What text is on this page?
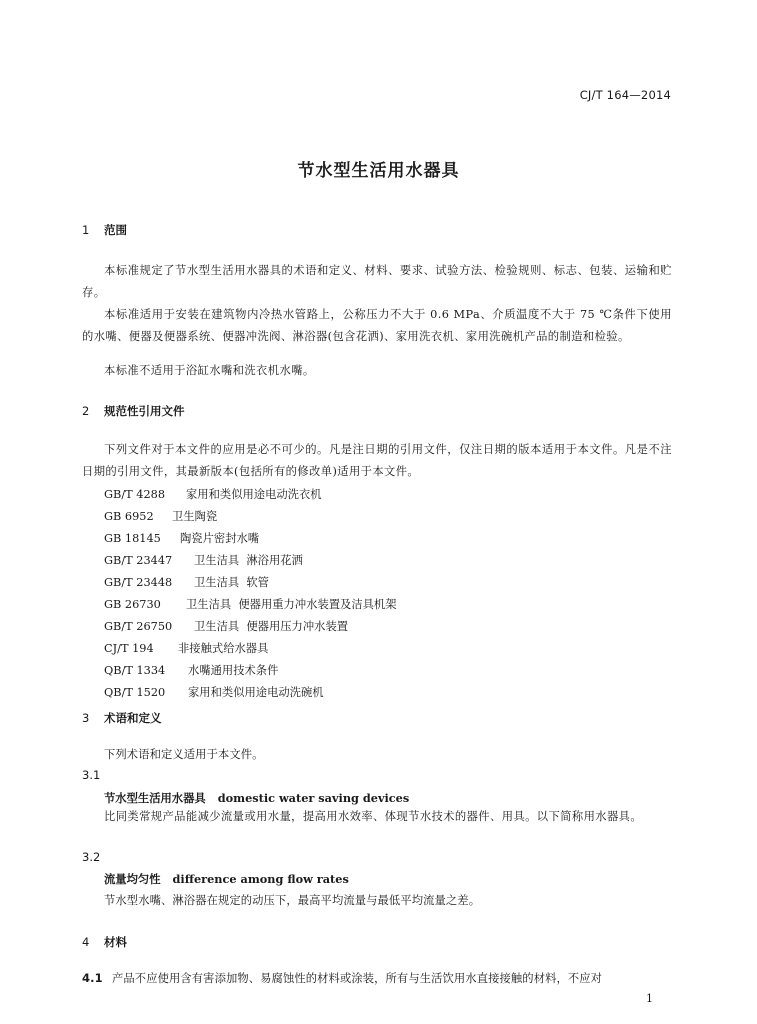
CJ/T 164—2014
节水型生活用水器具
1 范围
本标准规定了节水型生活用水器具的术语和定义、材料、要求、试验方法、检验规则、标志、包装、运输和贮存。
本标准适用于安装在建筑物内冷热水管路上，公称压力不大于 0.6 MPa、介质温度不大于 75 ℃条件下使用的水嘴、便器及便器系统、便器冲洗阀、淋浴器(包含花洒)、家用洗衣机、家用洗碗机产品的制造和检验。
本标准不适用于浴缸水嘴和洗衣机水嘴。
2 规范性引用文件
下列文件对于本文件的应用是必不可少的。凡是注日期的引用文件，仅注日期的版本适用于本文件。凡是不注日期的引用文件，其最新版本(包括所有的修改单)适用于本文件。
GB/T 4288 家用和类似用途电动洗衣机
GB 6952 卫生陶瓷
GB 18145 陶瓷片密封水嘴
GB/T 23447 卫生洁具  淋浴用花洒
GB/T 23448 卫生洁具  软管
GB 26730 卫生洁具  便器用重力冲水装置及洁具机架
GB/T 26750 卫生洁具  便器用压力冲水装置
CJ/T 194 非接触式给水器具
QB/T 1334 水嘴通用技术条件
QB/T 1520 家用和类似用途电动洗碗机
3 术语和定义
下列术语和定义适用于本文件。
3.1
节水型生活用水器具 domestic water saving devices
比同类常规产品能减少流量或用水量，提高用水效率、体现节水技术的器件、用具。以下简称用水器具。
3.2
流量均匀性 difference among flow rates
节水型水嘴、淋浴器在规定的动压下，最高平均流量与最低平均流量之差。
4 材料
4.1 产品不应使用含有害添加物、易腐蚀性的材料或涂装，所有与生活饮用水直接接触的材料，不应对
1
